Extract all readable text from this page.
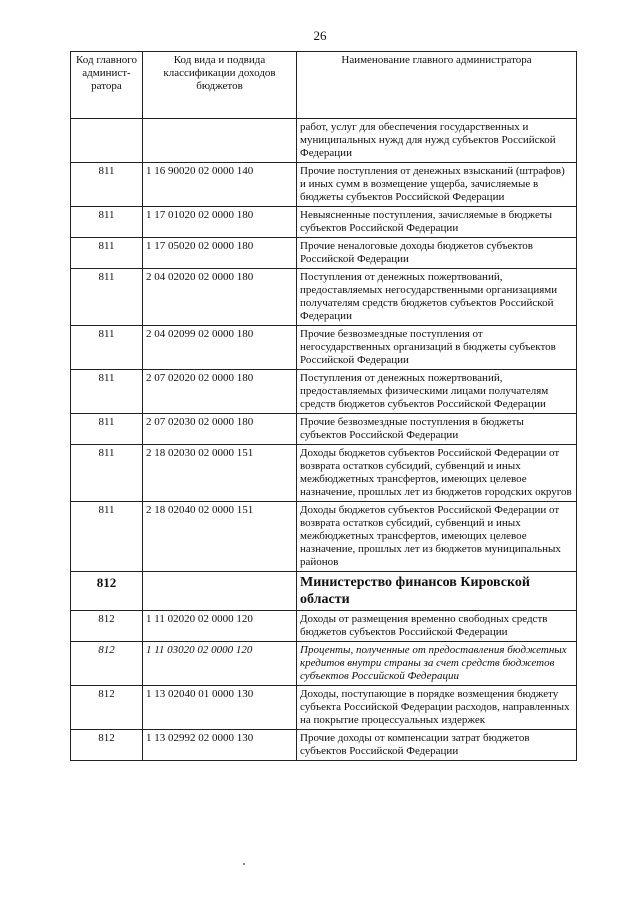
26
Код главного админист-ратора	Код вида и подвида классификации доходов бюджетов	Наименование главного администратора
		работ, услуг для обеспечения государственных и муниципальных нужд для нужд субъектов Российской Федерации
811	1 16 90020 02 0000 140	Прочие поступления от денежных взысканий (штрафов) и иных сумм в возмещение ущерба, зачисляемые в бюджеты субъектов Российской Федерации
811	1 17 01020 02 0000 180	Невыясненные поступления, зачисляемые в бюджеты субъектов Российской Федерации
811	1 17 05020 02 0000 180	Прочие неналоговые доходы бюджетов субъектов Российской Федерации
811	2 04 02020 02 0000 180	Поступления от денежных пожертвований, предоставляемых негосударственными организациями получателям средств бюджетов субъектов Российской Федерации
811	2 04 02099 02 0000 180	Прочие безвозмездные поступления от негосударственных организаций в бюджеты субъектов Российской Федерации
811	2 07 02020 02 0000 180	Поступления от денежных пожертвований, предоставляемых физическими лицами получателям средств бюджетов субъектов Российской Федерации
811	2 07 02030 02 0000 180	Прочие безвозмездные поступления в бюджеты субъектов Российской Федерации
811	2 18 02030 02 0000 151	Доходы бюджетов субъектов Российской Федерации от возврата остатков субсидий, субвенций и иных межбюджетных трансфертов, имеющих целевое назначение, прошлых лет из бюджетов городских округов
811	2 18 02040 02 0000 151	Доходы бюджетов субъектов Российской Федерации от возврата остатков субсидий, субвенций и иных межбюджетных трансфертов, имеющих целевое назначение, прошлых лет из бюджетов муниципальных районов
812		Министерство финансов Кировской области
812	1 11 02020 02 0000 120	Доходы от размещения временно свободных средств бюджетов субъектов Российской Федерации
812	1 11 03020 02 0000 120	Проценты, полученные от предоставления бюджетных кредитов внутри страны за счет средств бюджетов субъектов Российской Федерации
812	1 13 02040 01 0000 130	Доходы, поступающие в порядке возмещения бюджету субъекта Российской Федерации расходов, направленных на покрытие процессуальных издержек
812	1 13 02992 02 0000 130	Прочие доходы от компенсации затрат бюджетов субъектов Российской Федерации
